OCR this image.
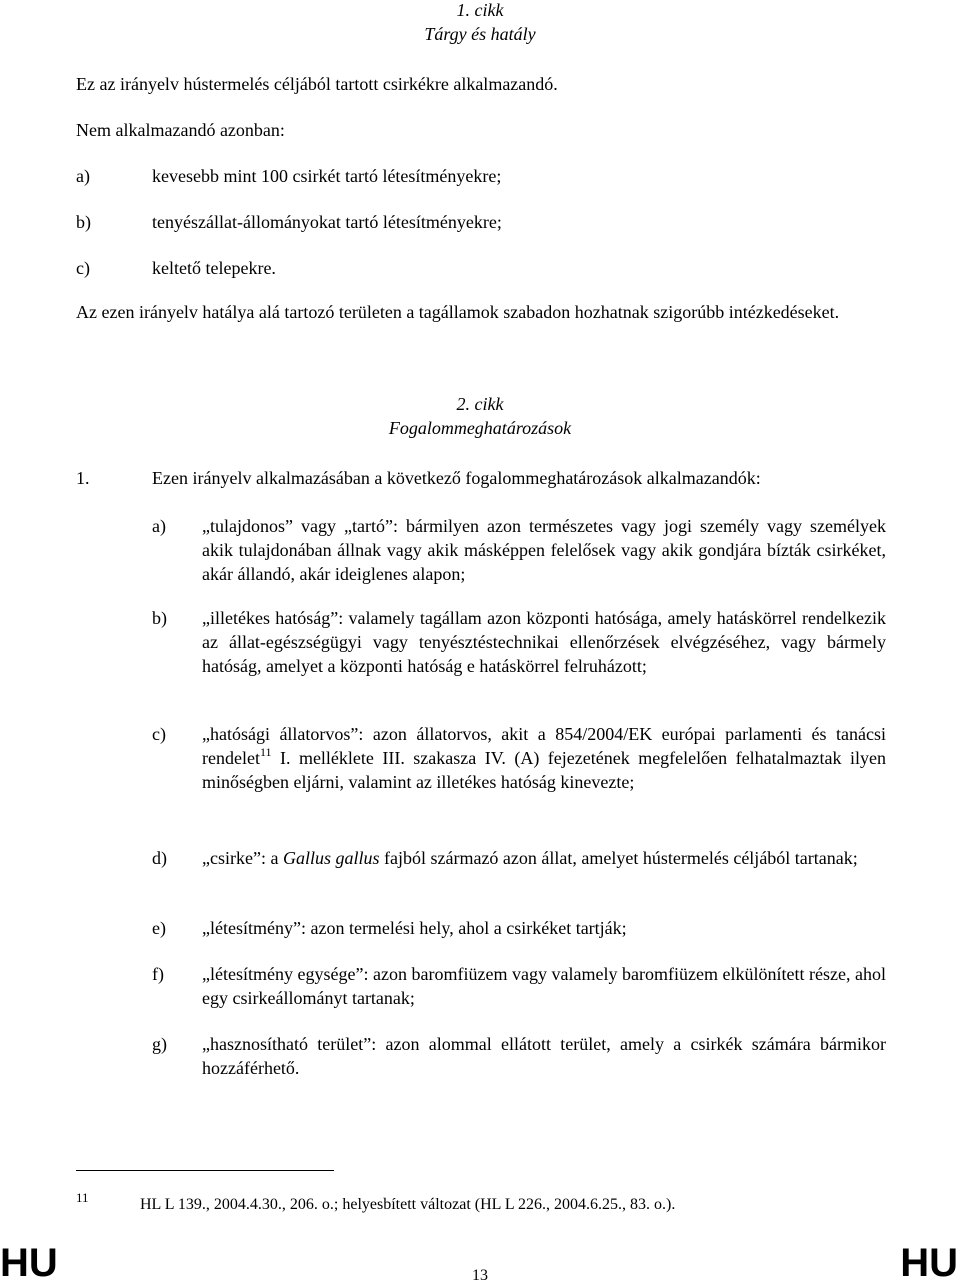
1. cikk
Tárgy és hatály
Ez az irányelv hústermelés céljából tartott csirkékre alkalmazandó.
Nem alkalmazandó azonban:
a)	kevesebb mint 100 csirkét tartó létesítményekre;
b)	tenyészállat-állományokat tartó létesítményekre;
c)	keltető telepekre.
Az ezen irányelv hatálya alá tartozó területen a tagállamok szabadon hozhatnak szigorúbb intézkedéseket.
2. cikk
Fogalommeghatározások
1.	Ezen irányelv alkalmazásában a következő fogalommeghatározások alkalmazandók:
a) „tulajdonos” vagy „tartó”: bármilyen azon természetes vagy jogi személy vagy személyek akik tulajdonában állnak vagy akik másképpen felelősek vagy akik gondjára bízták csirkéket, akár állandó, akár ideiglenes alapon;
b) „illetékes hatóság”: valamely tagállam azon központi hatósága, amely hatáskörrel rendelkezik az állat-egészségügyi vagy tenyésztéstechnikai ellenőrzések elvégzéséhez, vagy bármely hatóság, amelyet a központi hatóság e hatáskörrel felruházott;
c) „hatósági állatorvos”: azon állatorvos, akit a 854/2004/EK európai parlamenti és tanácsi rendelet$^{11}$ I. melléklete III. szakasza IV. (A) fejezetének megfelelően felhatalmaztak ilyen minőségben eljárni, valamint az illetékes hatóság kinevezte;
d) „csirke”: a Gallus gallus fajból származó azon állat, amelyet hústermelés céljából tartanak;
e) „létesítmény”: azon termelési hely, ahol a csirkéket tartják;
f) „létesítmény egysége”: azon baromfiüzem vagy valamely baromfiüzem elkülönített része, ahol egy csirkeállományt tartanak;
g) „hasznosítható terület”: azon alommal ellátott terület, amely a csirkék számára bármikor hozzáférhető.
11	HL L 139., 2004.4.30., 206. o.; helyesbített változat (HL L 226., 2004.6.25., 83. o.).
HU	HU
13
